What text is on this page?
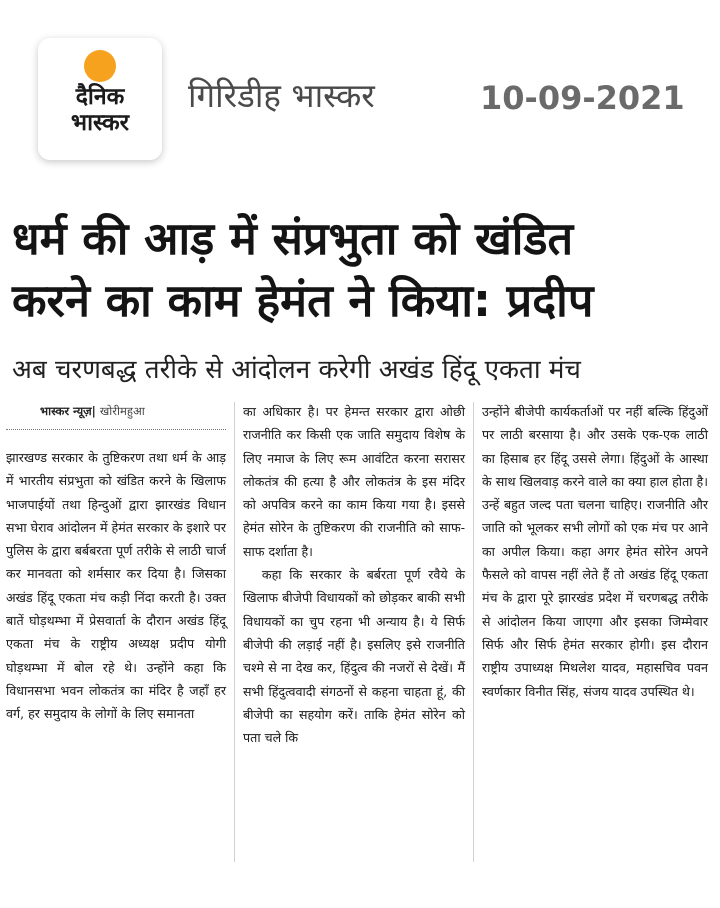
दैनिक
भास्कर
गिरिडीह भास्कर	10-09-2021
धर्म की आड़ में संप्रभुता को खंडित
करने का काम हेमंत ने किया: प्रदीप
अब चरणबद्ध तरीके से आंदोलन करेगी अखंड हिंदू एकता मंच
भास्कर न्यूज़| खोरीमहुआ

झारखण्ड सरकार के तुष्टिकरण तथा धर्म के आड़ में भारतीय संप्रभुता को खंडित करने के खिलाफ भाजपाईयों तथा हिन्दुओं द्वारा झारखंड विधान सभा घेराव आंदोलन में हेमंत सरकार के इशारे पर पुलिस के द्वारा बर्बबरता पूर्ण तरीके से लाठी चार्ज कर मानवता को शर्मसार कर दिया है। जिसका अखंड हिंदू एकता मंच कड़ी निंदा करती है। उक्त बातें घोड़थम्भा में प्रेसवार्ता के दौरान अखंड हिंदू एकता मंच के राष्ट्रीय अध्यक्ष प्रदीप योगी घोड़थम्भा में बोल रहे थे। उन्होंने कहा कि विधानसभा भवन लोकतंत्र का मंदिर है जहाँ हर वर्ग, हर समुदाय के लोगों के लिए समानता

का अधिकार है। पर हेमन्त सरकार द्वारा ओछी राजनीति कर किसी एक जाति समुदाय विशेष के लिए नमाज के लिए रूम आवंटित करना सरासर लोकतंत्र की हत्या है और लोकतंत्र के इस मंदिर को अपवित्र करने का काम किया गया है। इससे हेमंत सोरेन के तुष्टिकरण की राजनीति को साफ-साफ दर्शाता है।

कहा कि सरकार के बर्बरता पूर्ण रवैये के खिलाफ बीजेपी विधायकों को छोड़कर बाकी सभी विधायकों का चुप रहना भी अन्याय है। ये सिर्फ बीजेपी की लड़ाई नहीं है। इसलिए इसे राजनीति चश्मे से ना देख कर, हिंदुत्व की नजरों से देखें। मैं सभी हिंदुत्ववादी संगठनों से कहना चाहता हूं, की बीजेपी का सहयोग करें। ताकि हेमंत सोरेन को पता चले कि

उन्होंने बीजेपी कार्यकर्ताओं पर नहीं बल्कि हिंदुओं पर लाठी बरसाया है। और उसके एक-एक लाठी का हिसाब हर हिंदू उससे लेगा। हिंदुओं के आस्था के साथ खिलवाड़ करने वाले का क्या हाल होता है। उन्हें बहुत जल्द पता चलना चाहिए। राजनीति और जाति को भूलकर सभी लोगों को एक मंच पर आने का अपील किया। कहा अगर हेमंत सोरेन अपने फैसले को वापस नहीं लेते हैं तो अखंड हिंदू एकता मंच के द्वारा पूरे झारखंड प्रदेश में चरणबद्ध तरीके से आंदोलन किया जाएगा और इसका जिम्मेवार सिर्फ और सिर्फ हेमंत सरकार होगी। इस दौरान राष्ट्रीय उपाध्यक्ष मिथलेश यादव, महासचिव पवन स्वर्णकार विनीत सिंह, संजय यादव उपस्थित थे।
